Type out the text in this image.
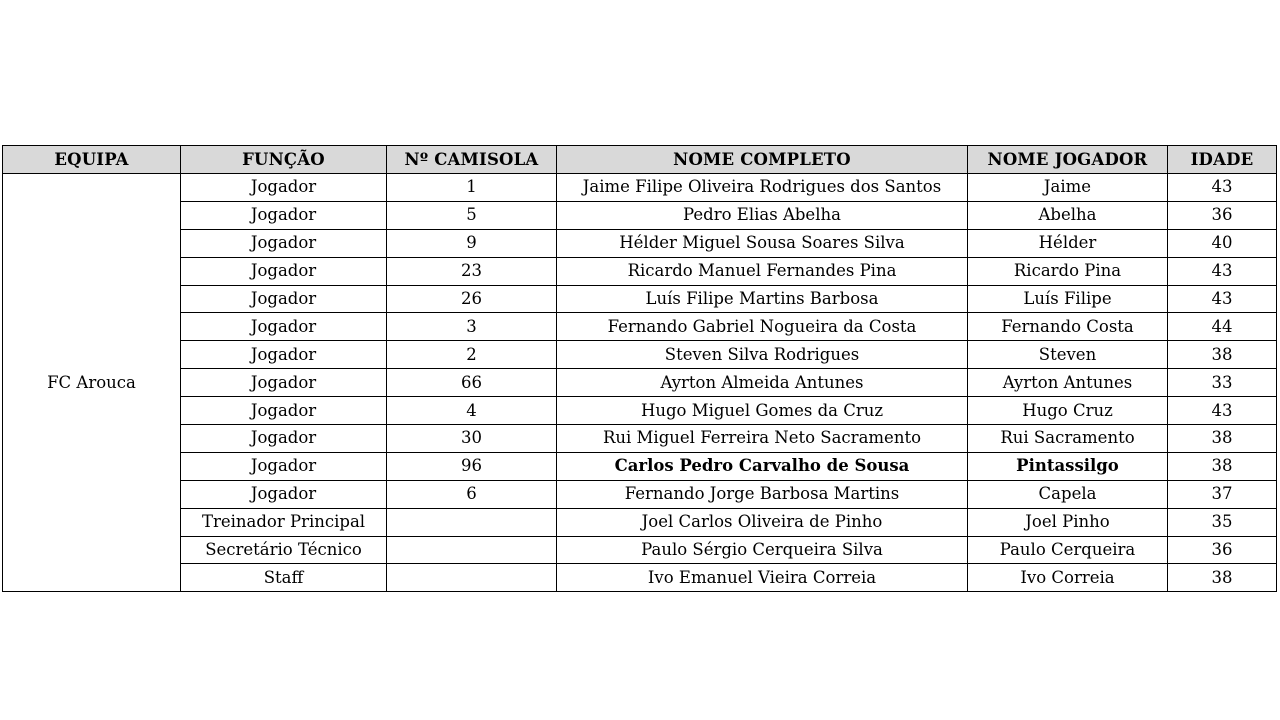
EQUIPA	FUNÇÃO	Nº CAMISOLA	NOME COMPLETO	NOME JOGADOR	IDADE
FC Arouca	Jogador	1	Jaime Filipe Oliveira Rodrigues dos Santos	Jaime	43
	Jogador	5	Pedro Elias Abelha	Abelha	36
	Jogador	9	Hélder Miguel Sousa Soares Silva	Hélder	40
	Jogador	23	Ricardo Manuel Fernandes Pina	Ricardo Pina	43
	Jogador	26	Luís Filipe Martins Barbosa	Luís Filipe	43
	Jogador	3	Fernando Gabriel Nogueira da Costa	Fernando Costa	44
	Jogador	2	Steven Silva Rodrigues	Steven	38
	Jogador	66	Ayrton Almeida Antunes	Ayrton Antunes	33
	Jogador	4	Hugo Miguel Gomes da Cruz	Hugo Cruz	43
	Jogador	30	Rui Miguel Ferreira Neto Sacramento	Rui Sacramento	38
	Jogador	96	Carlos Pedro Carvalho de Sousa	Pintassilgo	38
	Jogador	6	Fernando Jorge Barbosa Martins	Capela	37
	Treinador Principal		Joel Carlos Oliveira de Pinho	Joel Pinho	35
	Secretário Técnico		Paulo Sérgio Cerqueira Silva	Paulo Cerqueira	36
	Staff		Ivo Emanuel Vieira Correia	Ivo Correia	38
